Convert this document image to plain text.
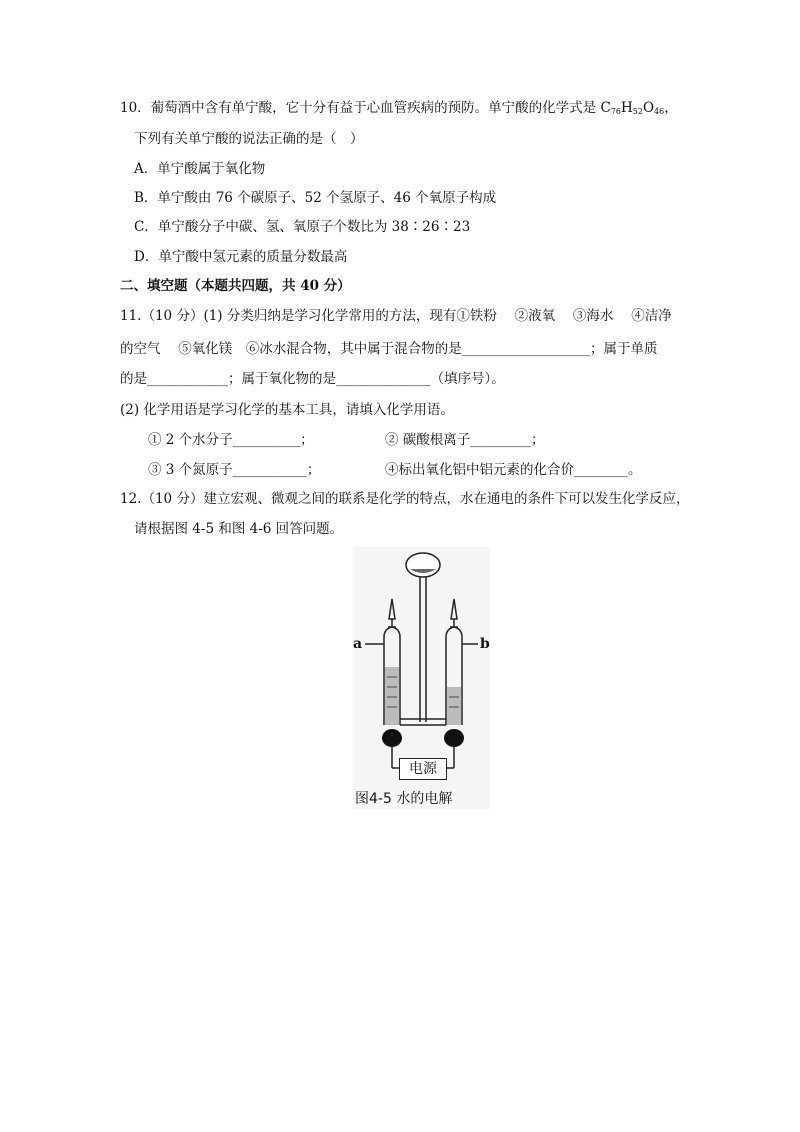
10．葡萄酒中含有单宁酸，它十分有益于心血管疾病的预防。单宁酸的化学式是 $C_{76}H_{52}O_{46}$，
下列有关单宁酸的说法正确的是（　）
A．单宁酸属于氧化物
B．单宁酸由 76 个碳原子、52 个氢原子、46 个氧原子构成
C．单宁酸分子中碳、氢、氧原子个数比为 38∶26∶23
D．单宁酸中氢元素的质量分数最高
二、填空题（本题共四题，共 40 分）
11.（10 分）(1) 分类归纳是学习化学常用的方法，现有①铁粉　 ②液氧　 ③海水　 ④洁净
的空气　 ⑤氧化镁　⑥冰水混合物，其中属于混合物的是___________________；属于单质
的是____________；属于氧化物的是______________（填序号）。
(2) 化学用语是学习化学的基本工具，请填入化学用语。
① 2 个水分子__________；	② 碳酸根离子_________；
③ 3 个氮原子___________；	④标出氧化铝中铝元素的化合价________。
12.（10 分）建立宏观、微观之间的联系是化学的特点，水在通电的条件下可以发生化学反应，
请根据图 4-5 和图 4-6 回答问题。
a	b
电源
图4-5 水的电解
